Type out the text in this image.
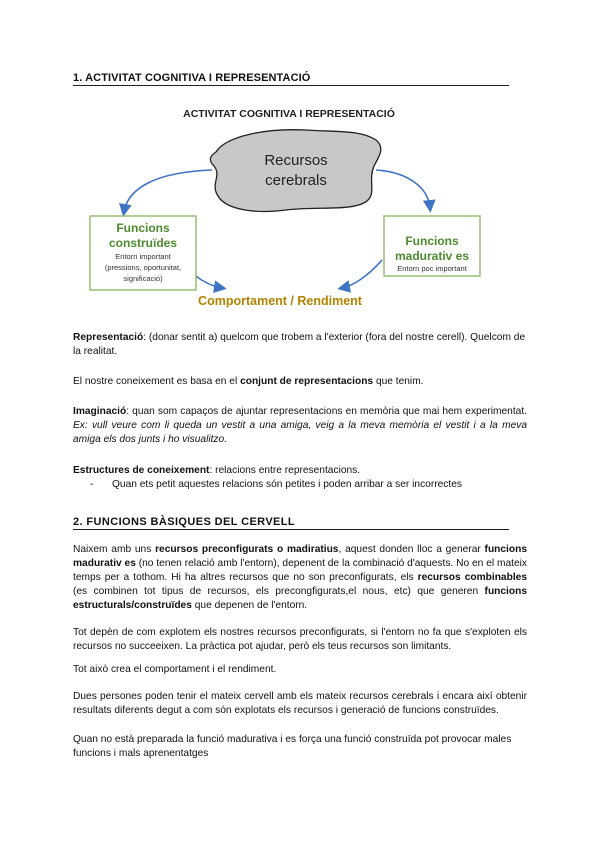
1. ACTIVITAT COGNITIVA I REPRESENTACIÓ
ACTIVITAT COGNITIVA I REPRESENTACIÓ
Recursos
cerebrals
Funcions
construïdes
Entorn important
(pressions, oportunitat,
significació)
Funcions
madurativ es
Entorn poc important
Comportament / Rendiment
Representació: (donar sentit a) quelcom que trobem a l'exterior (fora del nostre cerell). Quelcom de la realitat.
El nostre coneixement es basa en el conjunt de representacions que tenim.
Imaginació: quan som capaços de ajuntar representacions en memòria que mai hem experimentat. Ex: vull veure com li queda un vestit a una amiga, veig a la meva memòria el vestit i a la meva amiga els dos junts i ho visualitzo.
Estructures de coneixement: relacions entre representacions.
- Quan ets petit aquestes relacions són petites i poden arribar a ser incorrectes
2. FUNCIONS BÀSIQUES DEL CERVELL
Naixem amb uns recursos preconfigurats o madiratius, aquest donden lloc a generar funcions madurativ es (no tenen relació amb l'entorn), depenent de la combinació d'aquests. No en el mateix temps per a tothom. Hi ha altres recursos que no son preconfigurats, els recursos combinables (es combinen tot tipus de recursos, els precongfigurats,el nous, etc) que generen funcions estructurals/construïdes que depenen de l'entorn.
Tot depèn de com explotem els nostres recursos preconfigurats, si l'entorn no fa que s'exploten els recursos no succeeixen. La pràctica pot ajudar, però els teus recursos son limitants.
Tot això crea el comportament i el rendiment.
Dues persones poden tenir el mateix cervell amb els mateix recursos cerebrals i encara així obtenir resultats diferents degut a com són explotats els recursos i generació de funcions construïdes.
Quan no està preparada la funció madurativa i es força una funció construïda pot provocar males funcions i mals aprenentatges
